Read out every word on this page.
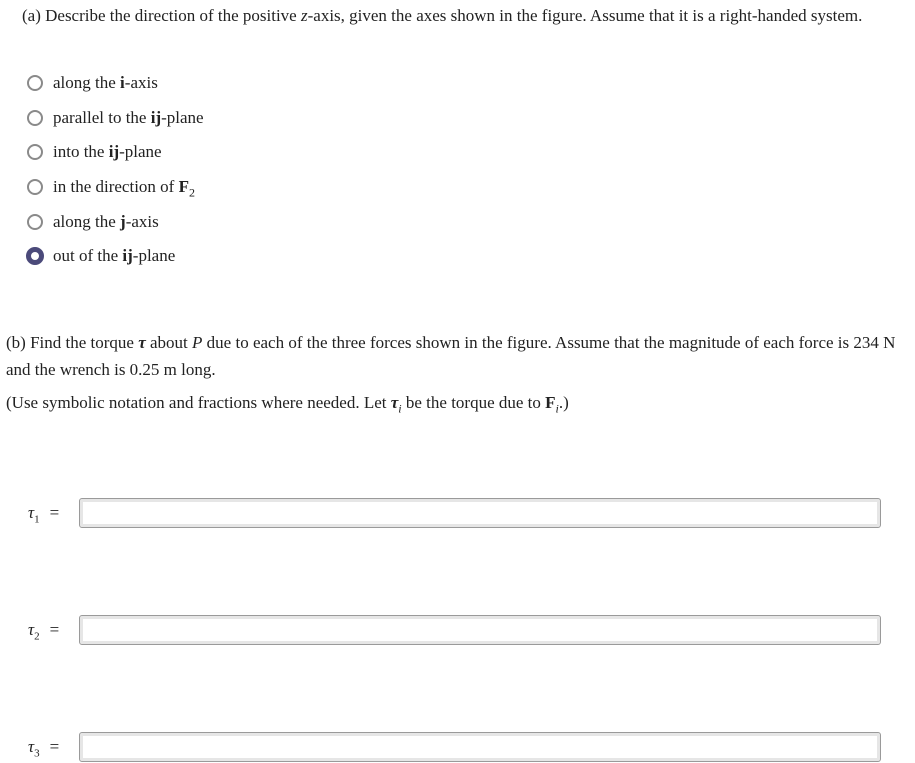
(a) Describe the direction of the positive z-axis, given the axes shown in the figure. Assume that it is a right-handed system.
along the i-axis
parallel to the ij-plane
into the ij-plane
in the direction of $F_2$
along the j-axis
out of the ij-plane
(b) Find the torque τ about P due to each of the three forces shown in the figure. Assume that the magnitude of each force is 234 N and the wrench is 0.25 m long.
(Use symbolic notation and fractions where needed. Let $\tau_i$ be the torque due to $F_i$.)
$\tau_1$ =
$\tau_2$ =
$\tau_3$ =
